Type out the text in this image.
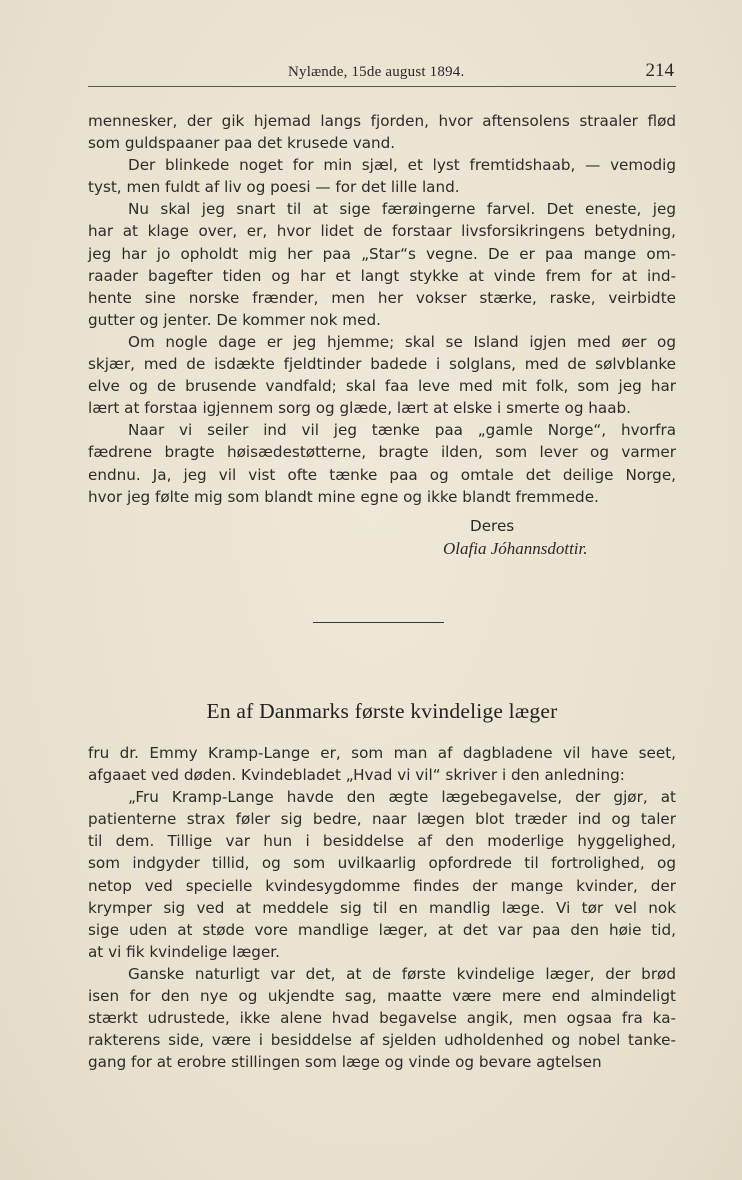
Nylænde, 15de august 1894.	214

mennesker, der gik hjemad langs fjorden, hvor aftensolens straaler flød

som guldspaaner paa det krusede vand.

Der blinkede noget for min sjæl, et lyst fremtidshaab, — vemodig

tyst, men fuldt af liv og poesi — for det lille land.

Nu skal jeg snart til at sige færøingerne farvel. Det eneste, jeg

har at klage over, er, hvor lidet de forstaar livsforsikringens betydning,

jeg har jo opholdt mig her paa „Star“s vegne. De er paa mange om-

raader bagefter tiden og har et langt stykke at vinde frem for at ind-

hente sine norske frænder, men her vokser stærke, raske, veirbidte

gutter og jenter. De kommer nok med.

Om nogle dage er jeg hjemme; skal se Island igjen med øer og

skjær, med de isdækte fjeldtinder badede i solglans, med de sølvblanke

elve og de brusende vandfald; skal faa leve med mit folk, som jeg har

lært at forstaa igjennem sorg og glæde, lært at elske i smerte og haab.

Naar vi seiler ind vil jeg tænke paa „gamle Norge“, hvorfra

fædrene bragte høisædestøtterne, bragte ilden, som lever og varmer

endnu. Ja, jeg vil vist ofte tænke paa og omtale det deilige Norge,

hvor jeg følte mig som blandt mine egne og ikke blandt fremmede.

Deres
Olafia Jóhannsdottir.
En af Danmarks første kvindelige læger

fru dr. Emmy Kramp-Lange er, som man af dagbladene vil have seet,

afgaaet ved døden. Kvindebladet „Hvad vi vil“ skriver i den anledning:

„Fru Kramp-Lange havde den ægte lægebegavelse, der gjør, at

patienterne strax føler sig bedre, naar lægen blot træder ind og taler

til dem. Tillige var hun i besiddelse af den moderlige hyggelighed,

som indgyder tillid, og som uvilkaarlig opfordrede til fortrolighed, og

netop ved specielle kvindesygdomme findes der mange kvinder, der

krymper sig ved at meddele sig til en mandlig læge. Vi tør vel nok

sige uden at støde vore mandlige læger, at det var paa den høie tid,

at vi fik kvindelige læger.

Ganske naturligt var det, at de første kvindelige læger, der brød

isen for den nye og ukjendte sag, maatte være mere end almindeligt

stærkt udrustede, ikke alene hvad begavelse angik, men ogsaa fra ka-

rakterens side, være i besiddelse af sjelden udholdenhed og nobel tanke-

gang for at erobre stillingen som læge og vinde og bevare agtelsen
